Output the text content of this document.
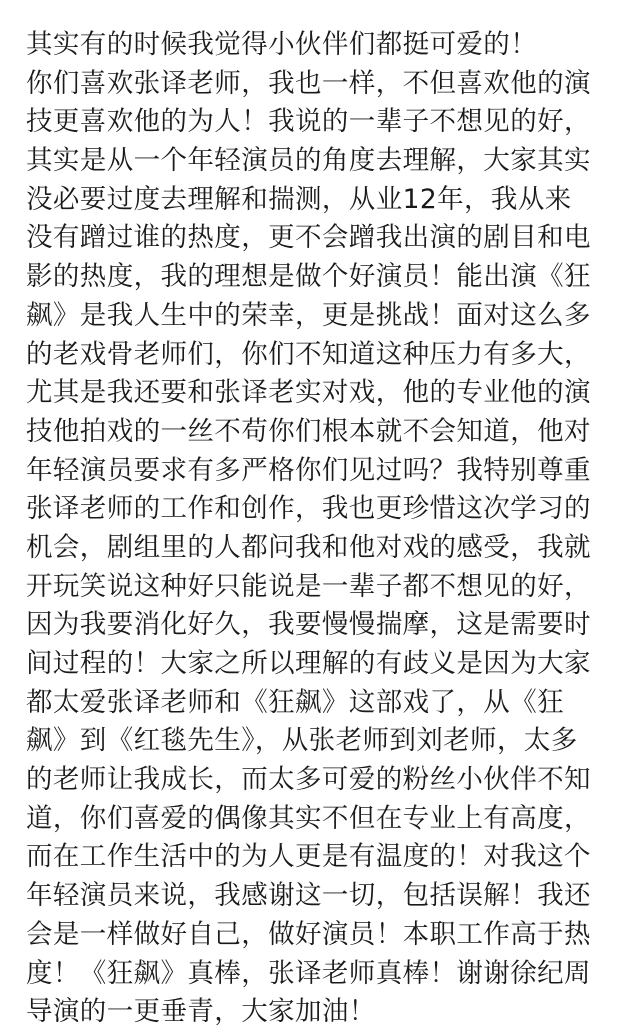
其实有的时候我觉得小伙伴们都挺可爱的！
你们喜欢张译老师，我也一样，不但喜欢他的演
技更喜欢他的为人！我说的一辈子不想见的好，
其实是从一个年轻演员的角度去理解，大家其实
没必要过度去理解和揣测，从业12年，我从来
没有蹭过谁的热度，更不会蹭我出演的剧目和电
影的热度，我的理想是做个好演员！能出演《狂
飙》是我人生中的荣幸，更是挑战！面对这么多
的老戏骨老师们，你们不知道这种压力有多大，
尤其是我还要和张译老实对戏，他的专业他的演
技他拍戏的一丝不苟你们根本就不会知道，他对
年轻演员要求有多严格你们见过吗？我特别尊重
张译老师的工作和创作，我也更珍惜这次学习的
机会，剧组里的人都问我和他对戏的感受，我就
开玩笑说这种好只能说是一辈子都不想见的好，
因为我要消化好久，我要慢慢揣摩，这是需要时
间过程的！大家之所以理解的有歧义是因为大家
都太爱张译老师和《狂飙》这部戏了，从《狂
飙》到《红毯先生》，从张老师到刘老师，太多
的老师让我成长，而太多可爱的粉丝小伙伴不知
道，你们喜爱的偶像其实不但在专业上有高度，
而在工作生活中的为人更是有温度的！对我这个
年轻演员来说，我感谢这一切，包括误解！我还
会是一样做好自己，做好演员！本职工作高于热
度！《狂飙》真棒，张译老师真棒！谢谢徐纪周
导演的一更垂青，大家加油！
